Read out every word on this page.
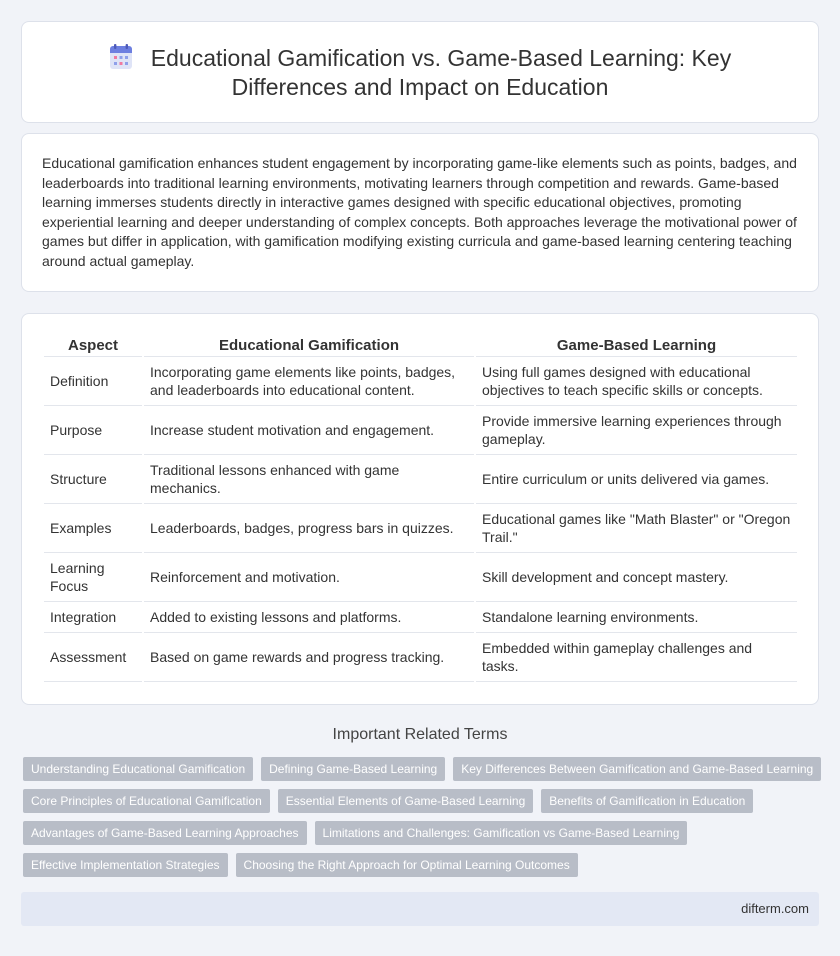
Educational Gamification vs. Game-Based Learning: Key Differences and Impact on Education

Educational gamification enhances student engagement by incorporating game-like elements such as points, badges, and leaderboards into traditional learning environments, motivating learners through competition and rewards. Game-based learning immerses students directly in interactive games designed with specific educational objectives, promoting experiential learning and deeper understanding of complex concepts. Both approaches leverage the motivational power of games but differ in application, with gamification modifying existing curricula and game-based learning centering teaching around actual gameplay.

Aspect	Educational Gamification	Game-Based Learning
Definition	Incorporating game elements like points, badges, and leaderboards into educational content.	Using full games designed with educational objectives to teach specific skills or concepts.
Purpose	Increase student motivation and engagement.	Provide immersive learning experiences through gameplay.
Structure	Traditional lessons enhanced with game mechanics.	Entire curriculum or units delivered via games.
Examples	Leaderboards, badges, progress bars in quizzes.	Educational games like "Math Blaster" or "Oregon Trail."
Learning Focus	Reinforcement and motivation.	Skill development and concept mastery.
Integration	Added to existing lessons and platforms.	Standalone learning environments.
Assessment	Based on game rewards and progress tracking.	Embedded within gameplay challenges and tasks.
Important Related Terms
Understanding Educational Gamification	Defining Game-Based Learning	Key Differences Between Gamification and Game-Based Learning
Core Principles of Educational Gamification	Essential Elements of Game-Based Learning	Benefits of Gamification in Education
Advantages of Game-Based Learning Approaches	Limitations and Challenges: Gamification vs Game-Based Learning
Effective Implementation Strategies	Choosing the Right Approach for Optimal Learning Outcomes
difterm.com
